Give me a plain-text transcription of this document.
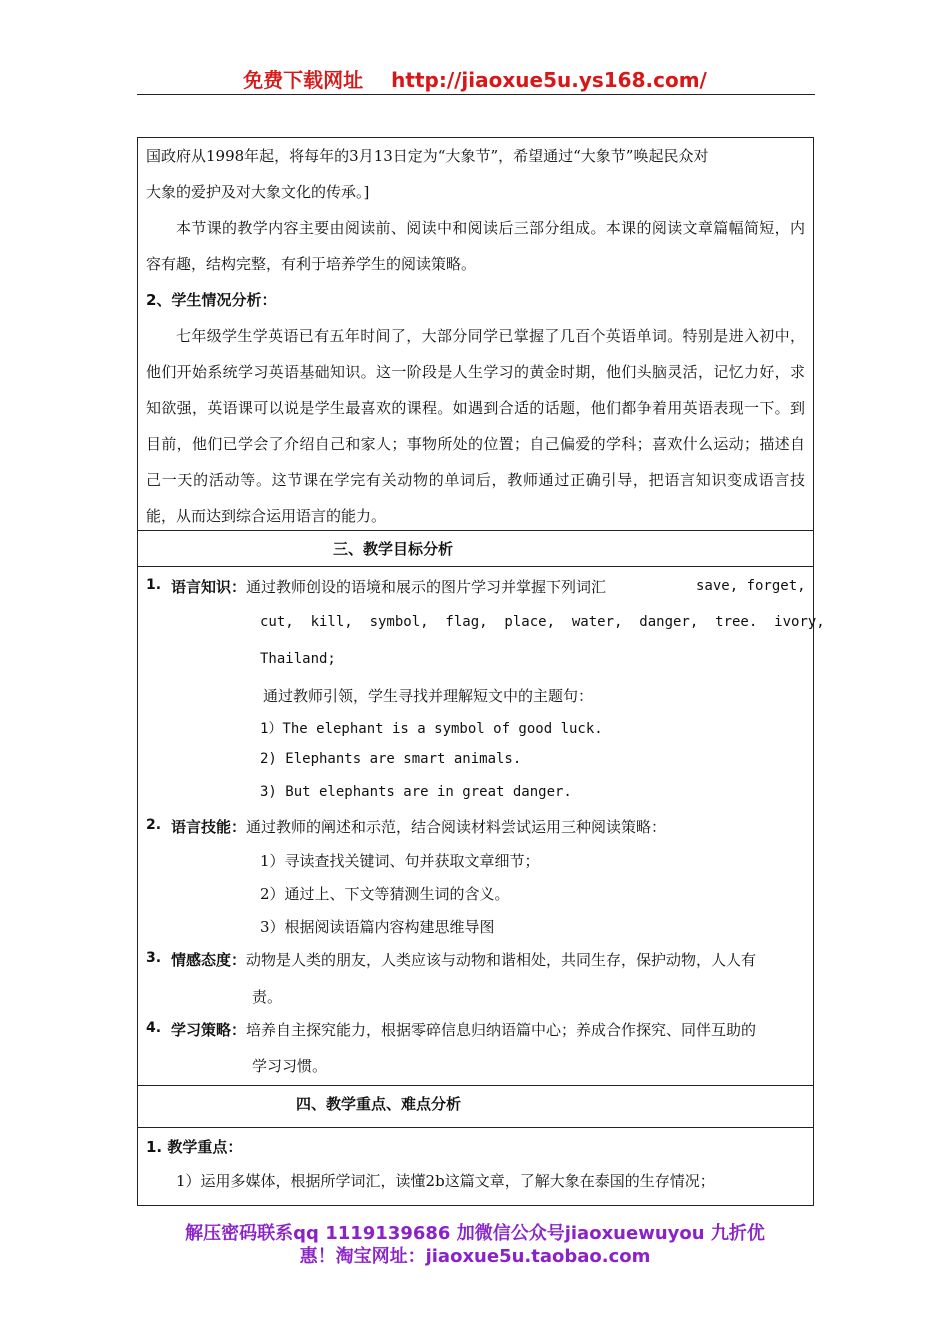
免费下载网址 http://jiaoxue5u.ys168.com/
国政府从1998年起，将每年的3月13日定为“大象节”，希望通过“大象节”唤起民众对
大象的爱护及对大象文化的传承。]
本节课的教学内容主要由阅读前、阅读中和阅读后三部分组成。本课的阅读文章篇幅简短，内容有趣，结构完整，有利于培养学生的阅读策略。
2、学生情况分析：
七年级学生学英语已有五年时间了，大部分同学已掌握了几百个英语单词。特别是进入初中，他们开始系统学习英语基础知识。这一阶段是人生学习的黄金时期，他们头脑灵活，记忆力好，求知欲强，英语课可以说是学生最喜欢的课程。如遇到合适的话题，他们都争着用英语表现一下。到目前，他们已学会了介绍自己和家人；事物所处的位置；自己偏爱的学科；喜欢什么运动；描述自己一天的活动等。这节课在学完有关动物的单词后，教师通过正确引导，把语言知识变成语言技能，从而达到综合运用语言的能力。
三、教学目标分析
1. 语言知识：通过教师创设的语境和展示的图片学习并掌握下列词汇	save, forget,
cut,  kill,  symbol,  flag,  place,  water,  danger,  tree.  ivory,
Thailand;
通过教师引领，学生寻找并理解短文中的主题句：
1）The elephant is a symbol of good luck.
2) Elephants are smart animals.
3) But elephants are in great danger.
2. 语言技能：通过教师的阐述和示范，结合阅读材料尝试运用三种阅读策略：
1）寻读查找关键词、句并获取文章细节；
2）通过上、下文等猜测生词的含义。
3）根据阅读语篇内容构建思维导图
3. 情感态度：动物是人类的朋友，人类应该与动物和谐相处，共同生存，保护动物，人人有
责。
4. 学习策略：培养自主探究能力，根据零碎信息归纳语篇中心；养成合作探究、同伴互助的
学习习惯。
四、教学重点、难点分析
1. 教学重点：
1）运用多媒体，根据所学词汇，读懂2b这篇文章，了解大象在泰国的生存情况；
解压密码联系qq 1119139686 加微信公众号jiaoxuewuyou 九折优
惠！淘宝网址：jiaoxue5u.taobao.com
